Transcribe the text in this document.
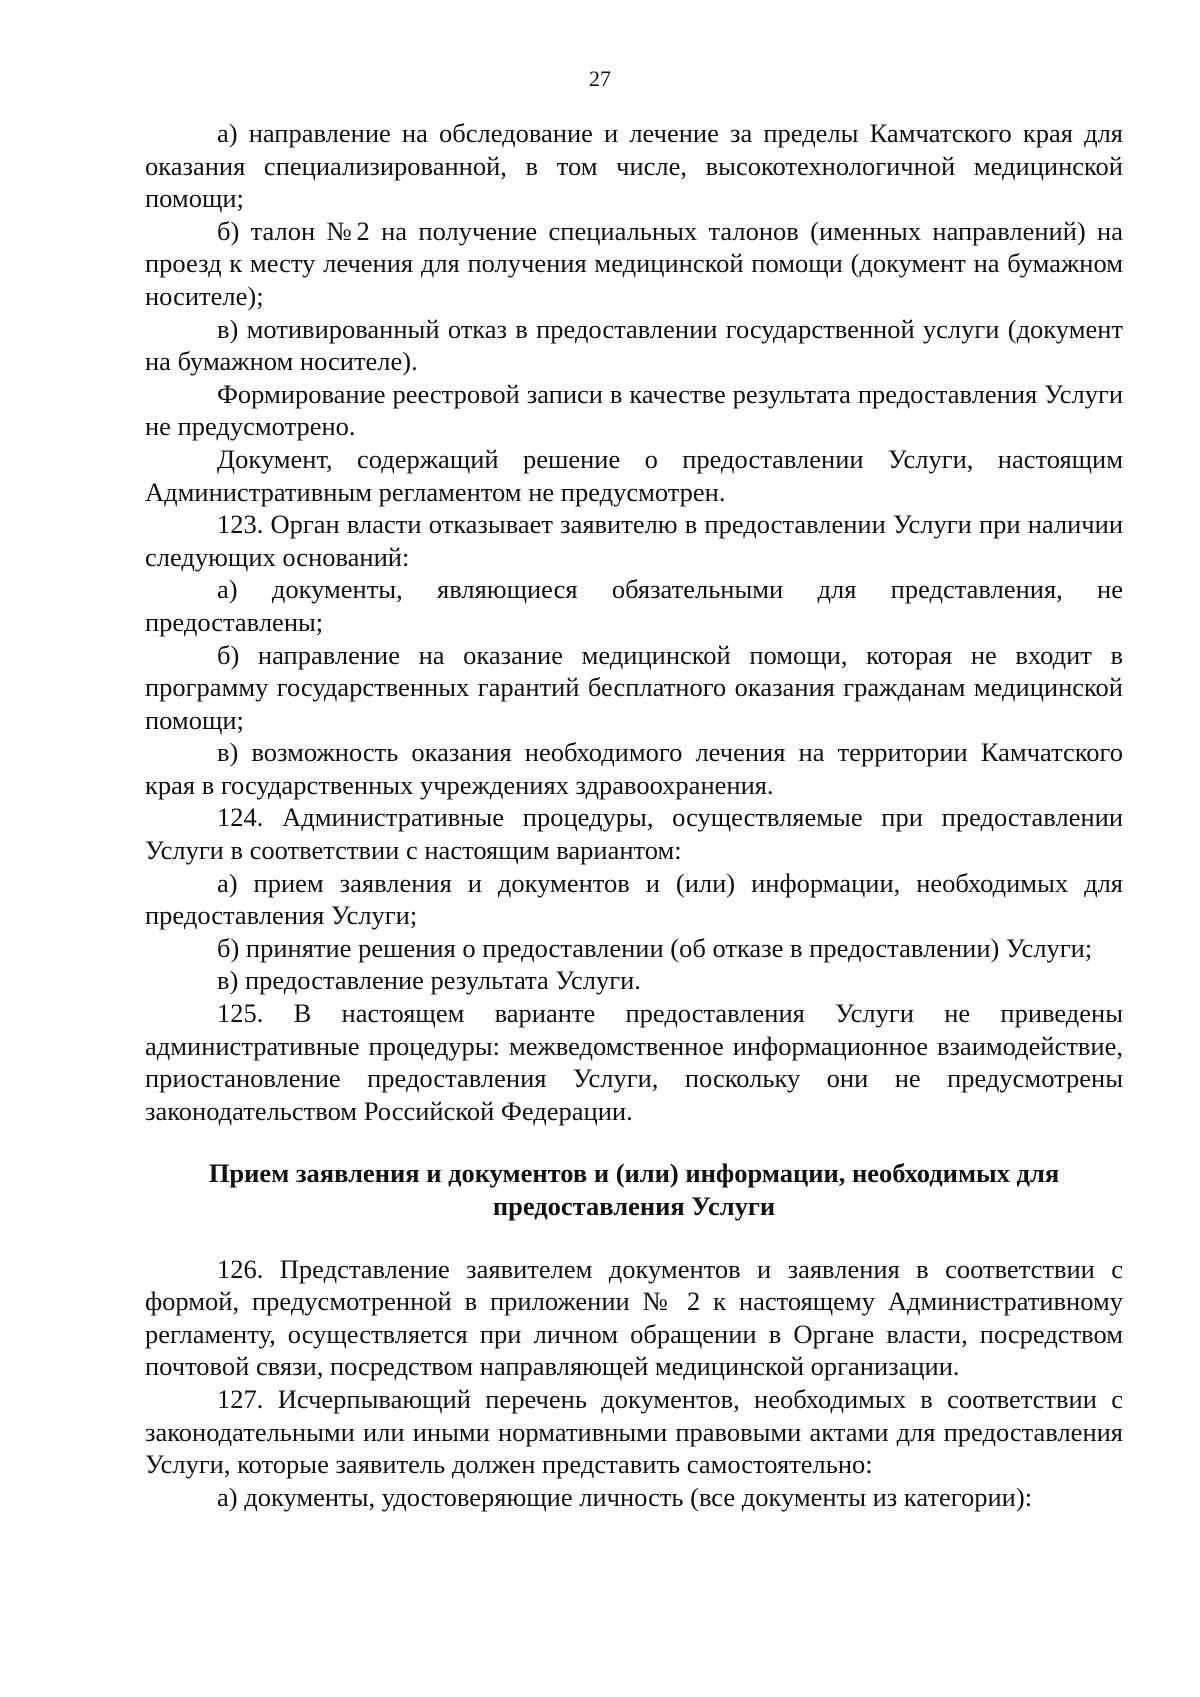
27

а) направление на обследование и лечение за пределы Камчатского края для оказания специализированной, в том числе, высокотехнологичной медицинской помощи;

б) талон №2 на получение специальных талонов (именных направлений) на проезд к месту лечения для получения медицинской помощи (документ на бумажном носителе);

в) мотивированный отказ в предоставлении государственной услуги (документ на бумажном носителе).

Формирование реестровой записи в качестве результата предоставления Услуги не предусмотрено.

Документ, содержащий решение о предоставлении Услуги, настоящим Административным регламентом не предусмотрен.

123. Орган власти отказывает заявителю в предоставлении Услуги при наличии следующих оснований:

а) документы, являющиеся обязательными для представления, не предоставлены;

б) направление на оказание медицинской помощи, которая не входит в программу государственных гарантий бесплатного оказания гражданам медицинской помощи;

в) возможность оказания необходимого лечения на территории Камчатского края в государственных учреждениях здравоохранения.

124. Административные процедуры, осуществляемые при предоставлении Услуги в соответствии с настоящим вариантом:

а) прием заявления и документов и (или) информации, необходимых для предоставления Услуги;

б) принятие решения о предоставлении (об отказе в предоставлении) Услуги;

в) предоставление результата Услуги.

125. В настоящем варианте предоставления Услуги не приведены административные процедуры: межведомственное информационное взаимодействие, приостановление предоставления Услуги, поскольку они не предусмотрены законодательством Российской Федерации.

Прием заявления и документов и (или) информации, необходимых для предоставления Услуги

126. Представление заявителем документов и заявления в соответствии с формой, предусмотренной в приложении № 2 к настоящему Административному регламенту, осуществляется при личном обращении в Органе власти, посредством почтовой связи, посредством направляющей медицинской организации.

127. Исчерпывающий перечень документов, необходимых в соответствии с законодательными или иными нормативными правовыми актами для предоставления Услуги, которые заявитель должен представить самостоятельно:

а) документы, удостоверяющие личность (все документы из категории):
